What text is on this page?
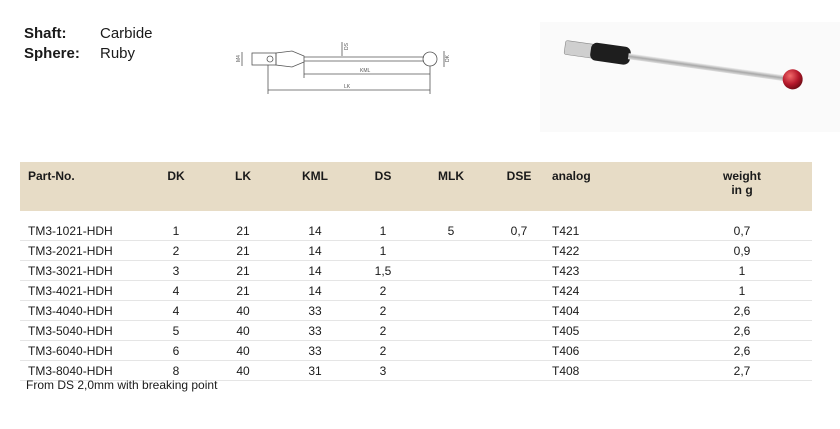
Shaft:	Carbide
Sphere:	Ruby	M4
DS
DK
KML
LK
Part-No.	DK	LK	KML	DS	MLK	DSE	analog	weight
in g

TM3-1021-HDH	1	21	14	1	5	0,7	T421	0,7
TM3-2021-HDH	2	21	14	1			T422	0,9
TM3-3021-HDH	3	21	14	1,5			T423	1
TM3-4021-HDH	4	21	14	2			T424	1
TM3-4040-HDH	4	40	33	2			T404	2,6
TM3-5040-HDH	5	40	33	2			T405	2,6
TM3-6040-HDH	6	40	33	2			T406	2,6
TM3-8040-HDH	8	40	31	3			T408	2,7
From DS 2,0mm with breaking point
